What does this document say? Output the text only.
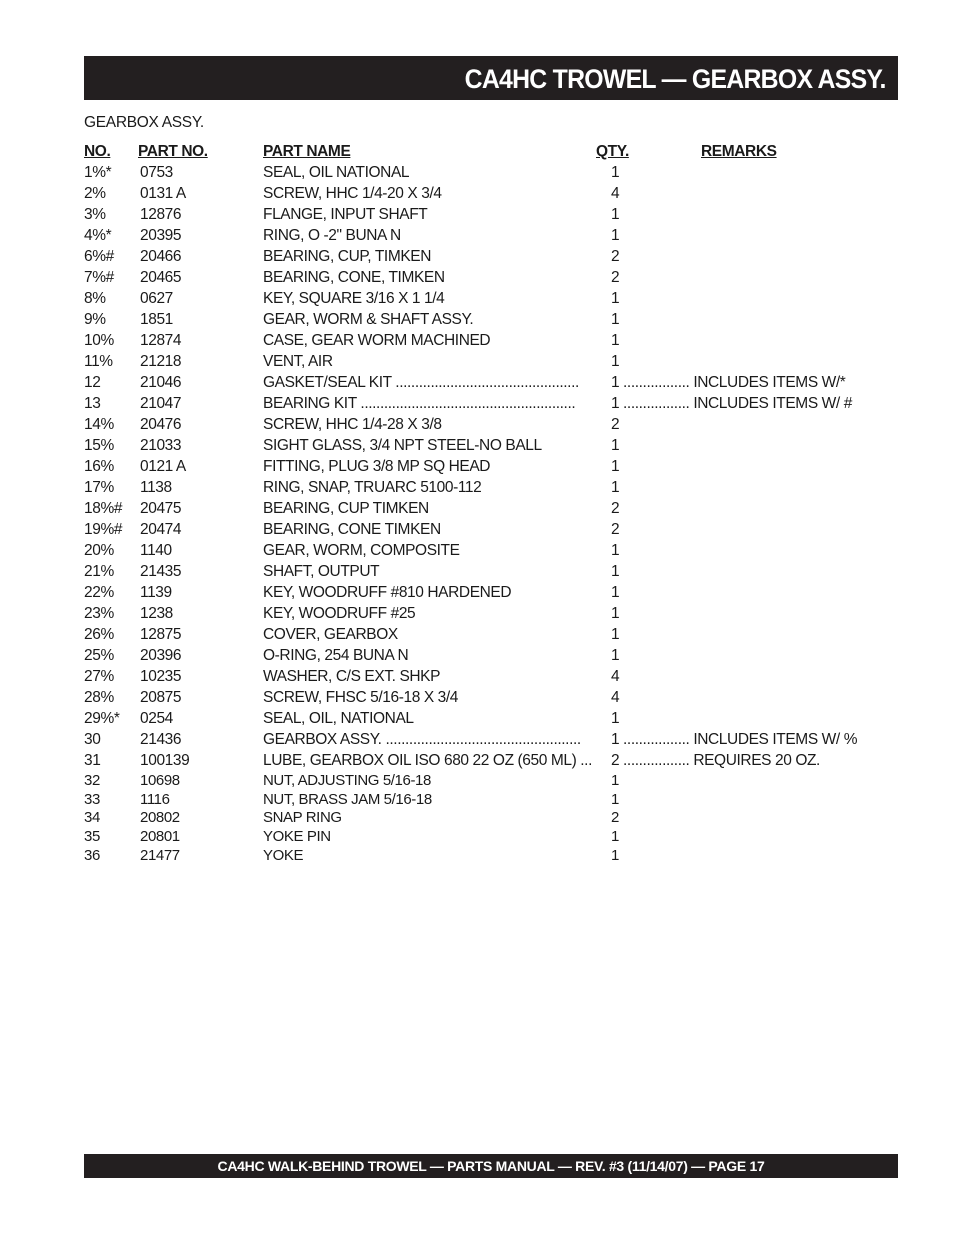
CA4HC TROWEL — GEARBOX ASSY.
GEARBOX ASSY.
NO. PART NO.	PART NAME	QTY.	REMARKS
1%* 0753	SEAL, OIL NATIONAL	1
2% 0131 A	SCREW, HHC 1/4-20 X 3/4	4
3% 12876	FLANGE, INPUT SHAFT	1
4%* 20395	RING, O -2" BUNA N	1
6%# 20466	BEARING, CUP, TIMKEN	2
7%# 20465	BEARING, CONE, TIMKEN	2
8% 0627	KEY, SQUARE 3/16 X 1 1/4	1
9% 1851	GEAR, WORM & SHAFT ASSY.	1
10% 12874	CASE, GEAR WORM MACHINED	1
11% 21218	VENT, AIR	1
12	21046	GASKET/SEAL KIT ............................................... 1 ................. INCLUDES ITEMS W/*
13	21047	BEARING KIT ....................................................... 1 ................. INCLUDES ITEMS W/ #
14% 20476	SCREW, HHC 1/4-28 X 3/8	2
15% 21033	SIGHT GLASS, 3/4 NPT STEEL-NO BALL	1
16% 0121 A	FITTING, PLUG 3/8 MP SQ HEAD	1
17% 1138	RING, SNAP, TRUARC 5100-112	1
18%# 20475	BEARING, CUP TIMKEN	2
19%# 20474	BEARING, CONE TIMKEN	2
20% 1140	GEAR, WORM, COMPOSITE	1
21% 21435	SHAFT, OUTPUT	1
22% 1139	KEY, WOODRUFF #810 HARDENED	1
23% 1238	KEY, WOODRUFF #25	1
26% 12875	COVER, GEARBOX	1
25% 20396	O-RING, 254 BUNA N	1
27% 10235	WASHER, C/S EXT. SHKP	4
28% 20875	SCREW, FHSC 5/16-18 X 3/4	4
29%* 0254	SEAL, OIL, NATIONAL	1
30	21436	GEARBOX ASSY. .................................................. 1 ................. INCLUDES ITEMS W/ %
31	100139	LUBE, GEARBOX OIL ISO 680 22 OZ (650 ML) ... 2 ................. REQUIRES 20 OZ.
32	10698	NUT, ADJUSTING 5/16-18	1
33	1116	NUT, BRASS JAM 5/16-18	1
34	20802	SNAP RING	2
35	20801	YOKE PIN	1
36	21477	YOKE	1
CA4HC WALK-BEHIND TROWEL — PARTS MANUAL — REV. #3 (11/14/07) — PAGE 17
